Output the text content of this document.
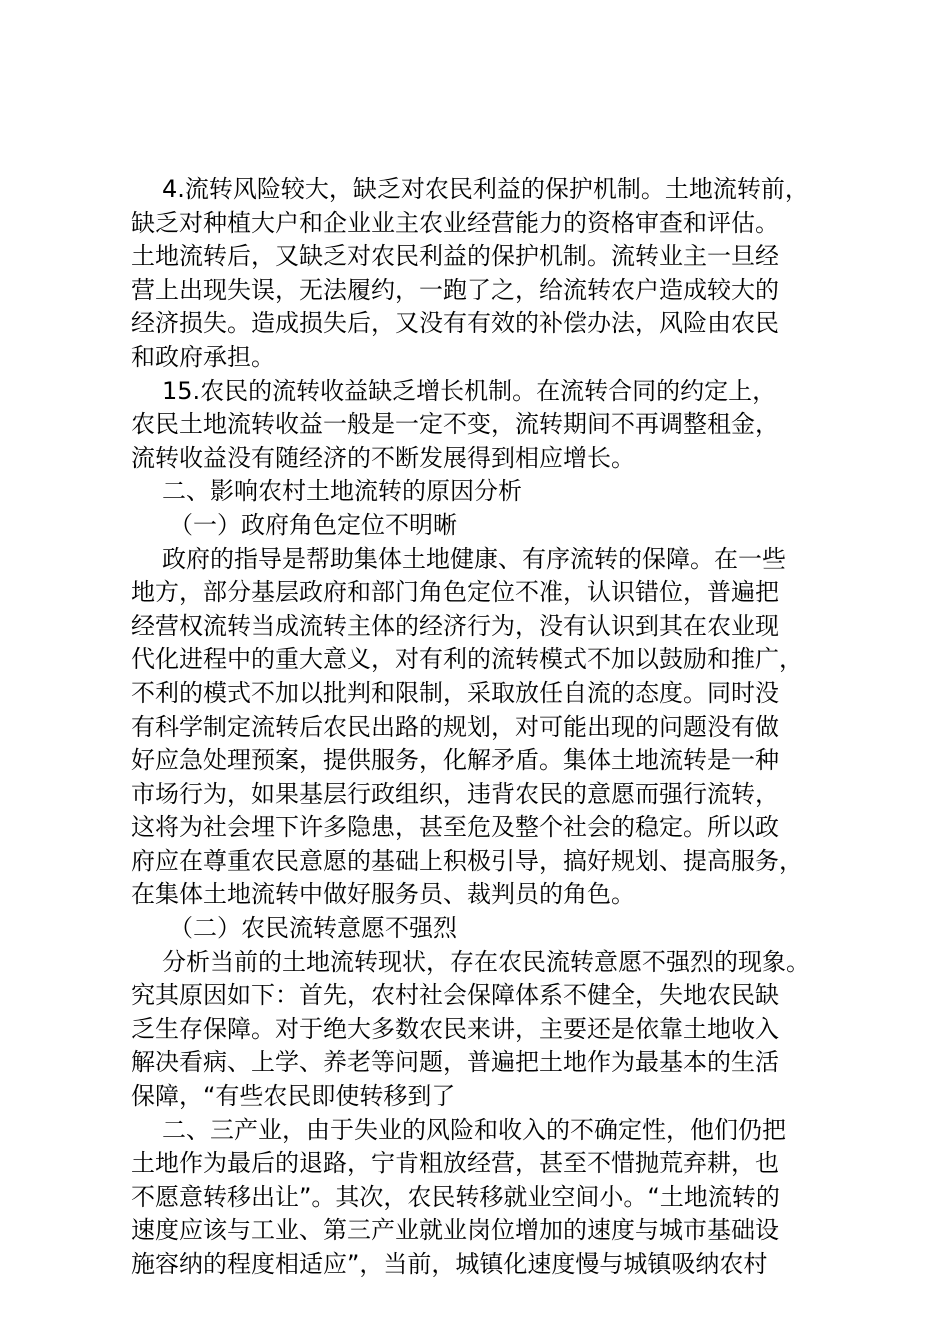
4.流转风险较大，缺乏对农民利益的保护机制。土地流转前，
缺乏对种植大户和企业业主农业经营能力的资格审查和评估。
土地流转后，又缺乏对农民利益的保护机制。流转业主一旦经
营上出现失误，无法履约，一跑了之，给流转农户造成较大的
经济损失。造成损失后，又没有有效的补偿办法，风险由农民
和政府承担。
15.农民的流转收益缺乏增长机制。在流转合同的约定上，
农民土地流转收益一般是一定不变，流转期间不再调整租金，
流转收益没有随经济的不断发展得到相应增长。
二、影响农村土地流转的原因分析
（一）政府角色定位不明晰
政府的指导是帮助集体土地健康、有序流转的保障。在一些
地方，部分基层政府和部门角色定位不准，认识错位，普遍把
经营权流转当成流转主体的经济行为，没有认识到其在农业现
代化进程中的重大意义，对有利的流转模式不加以鼓励和推广，
不利的模式不加以批判和限制，采取放任自流的态度。同时没
有科学制定流转后农民出路的规划，对可能出现的问题没有做
好应急处理预案，提供服务，化解矛盾。集体土地流转是一种
市场行为，如果基层行政组织，违背农民的意愿而强行流转，
这将为社会埋下许多隐患，甚至危及整个社会的稳定。所以政
府应在尊重农民意愿的基础上积极引导，搞好规划、提高服务，
在集体土地流转中做好服务员、裁判员的角色。
（二）农民流转意愿不强烈
分析当前的土地流转现状，存在农民流转意愿不强烈的现象。
究其原因如下：首先，农村社会保障体系不健全，失地农民缺
乏生存保障。对于绝大多数农民来讲，主要还是依靠土地收入
解决看病、上学、养老等问题，普遍把土地作为最基本的生活
保障，“有些农民即使转移到了
二、三产业，由于失业的风险和收入的不确定性，他们仍把
土地作为最后的退路，宁肯粗放经营，甚至不惜抛荒弃耕，也
不愿意转移出让”。其次，农民转移就业空间小。“土地流转的
速度应该与工业、第三产业就业岗位增加的速度与城市基础设
施容纳的程度相适应”，当前，城镇化速度慢与城镇吸纳农村
